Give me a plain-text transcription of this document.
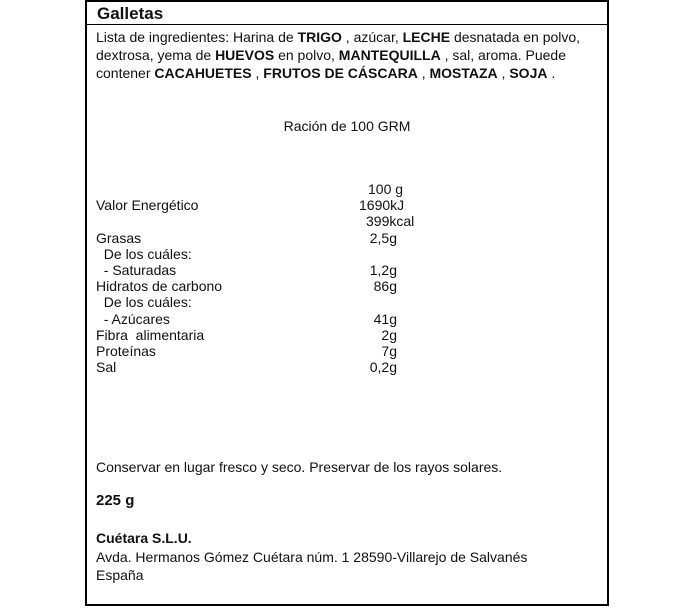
Galletas
Lista de ingredientes: Harina de TRIGO , azúcar, LECHE desnatada en polvo, dextrosa, yema de HUEVOS en polvo, MANTEQUILLA , sal, aroma. Puede contener CACAHUETES , FRUTOS DE CÁSCARA , MOSTAZA , SOJA .
Ración de 100 GRM
100 g
Valor Energético	1690kJ
399kcal
Grasas	2,5g
De los cuáles:
- Saturadas	1,2g
Hidratos de carbono	86g
De los cuáles:
- Azúcares	41g
Fibra  alimentaria	2g
Proteínas	7g
Sal	0,2g
Conservar en lugar fresco y seco. Preservar de los rayos solares.
225 g
Cuétara S.L.U.
Avda. Hermanos Gómez Cuétara núm. 1 28590-Villarejo de Salvanés
España
